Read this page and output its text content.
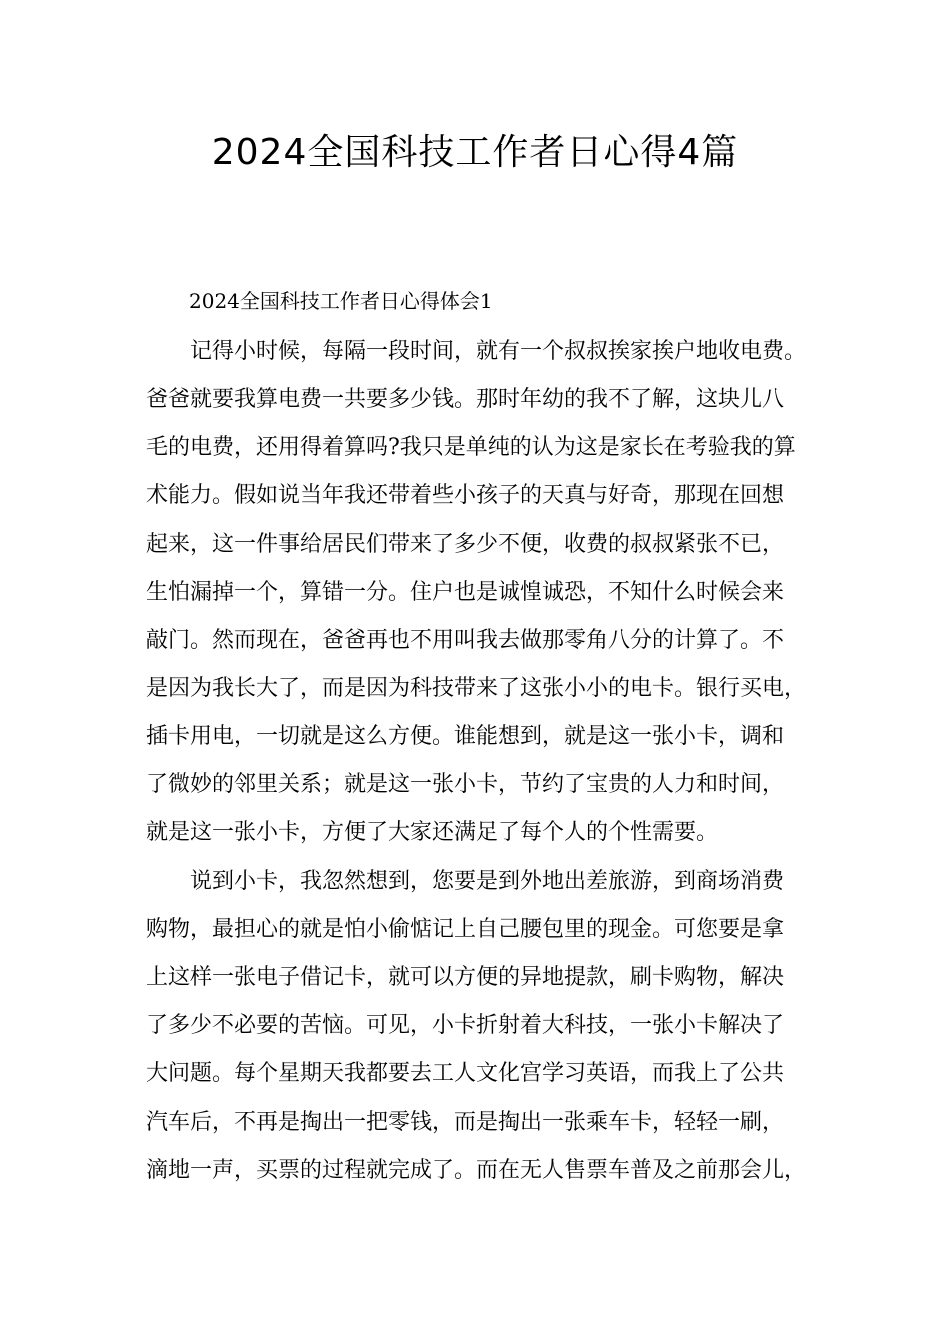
2024全国科技工作者日心得4篇

2024全国科技工作者日心得体会1

记得小时候，每隔一段时间，就有一个叔叔挨家挨户地收电费。

爸爸就要我算电费一共要多少钱。那时年幼的我不了解，这块儿八

毛的电费，还用得着算吗?我只是单纯的认为这是家长在考验我的算

术能力。假如说当年我还带着些小孩子的天真与好奇，那现在回想

起来，这一件事给居民们带来了多少不便，收费的叔叔紧张不已，

生怕漏掉一个，算错一分。住户也是诚惶诚恐，不知什么时候会来

敲门。然而现在，爸爸再也不用叫我去做那零角八分的计算了。不

是因为我长大了，而是因为科技带来了这张小小的电卡。银行买电，

插卡用电，一切就是这么方便。谁能想到，就是这一张小卡，调和

了微妙的邻里关系；就是这一张小卡，节约了宝贵的人力和时间，

就是这一张小卡，方便了大家还满足了每个人的个性需要。

说到小卡，我忽然想到，您要是到外地出差旅游，到商场消费

购物，最担心的就是怕小偷惦记上自己腰包里的现金。可您要是拿

上这样一张电子借记卡，就可以方便的异地提款，刷卡购物，解决

了多少不必要的苦恼。可见，小卡折射着大科技，一张小卡解决了

大问题。每个星期天我都要去工人文化宫学习英语，而我上了公共

汽车后，不再是掏出一把零钱，而是掏出一张乘车卡，轻轻一刷，

滴地一声，买票的过程就完成了。而在无人售票车普及之前那会儿，
